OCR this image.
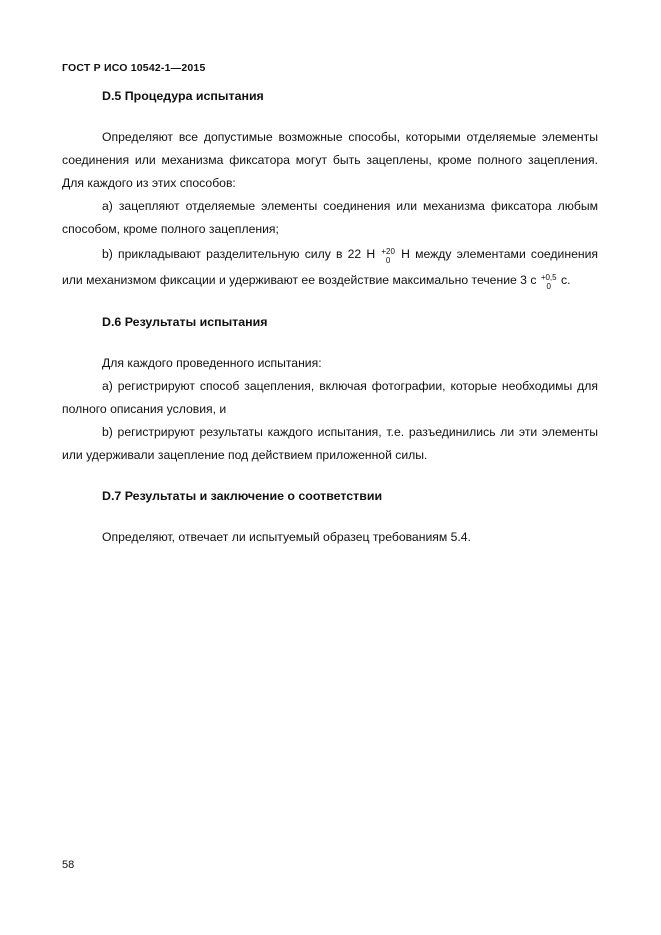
ГОСТ Р ИСО 10542-1—2015
D.5 Процедура испытания

Определяют все допустимые возможные способы, которыми отделяемые элементы соединения или механизма фиксатора могут быть зацеплены, кроме полного зацепления. Для каждого из этих способов:

а) зацепляют отделяемые элементы соединения или механизма фиксатора любым способом, кроме полного зацепления;

b) прикладывают разделительную силу в 22 Н +20
0 Н между элементами соединения или механизмом фиксации и удерживают ее воздействие максимально течение 3 с +0,5
0 с.

D.6 Результаты испытания

Для каждого проведенного испытания:

а) регистрируют способ зацепления, включая фотографии, которые необходимы для полного описания условия, и

b) регистрируют результаты каждого испытания, т.е. разъединились ли эти элементы или удерживали зацепление под действием приложенной силы.

D.7 Результаты и заключение о соответствии

Определяют, отвечает ли испытуемый образец требованиям 5.4.

58
